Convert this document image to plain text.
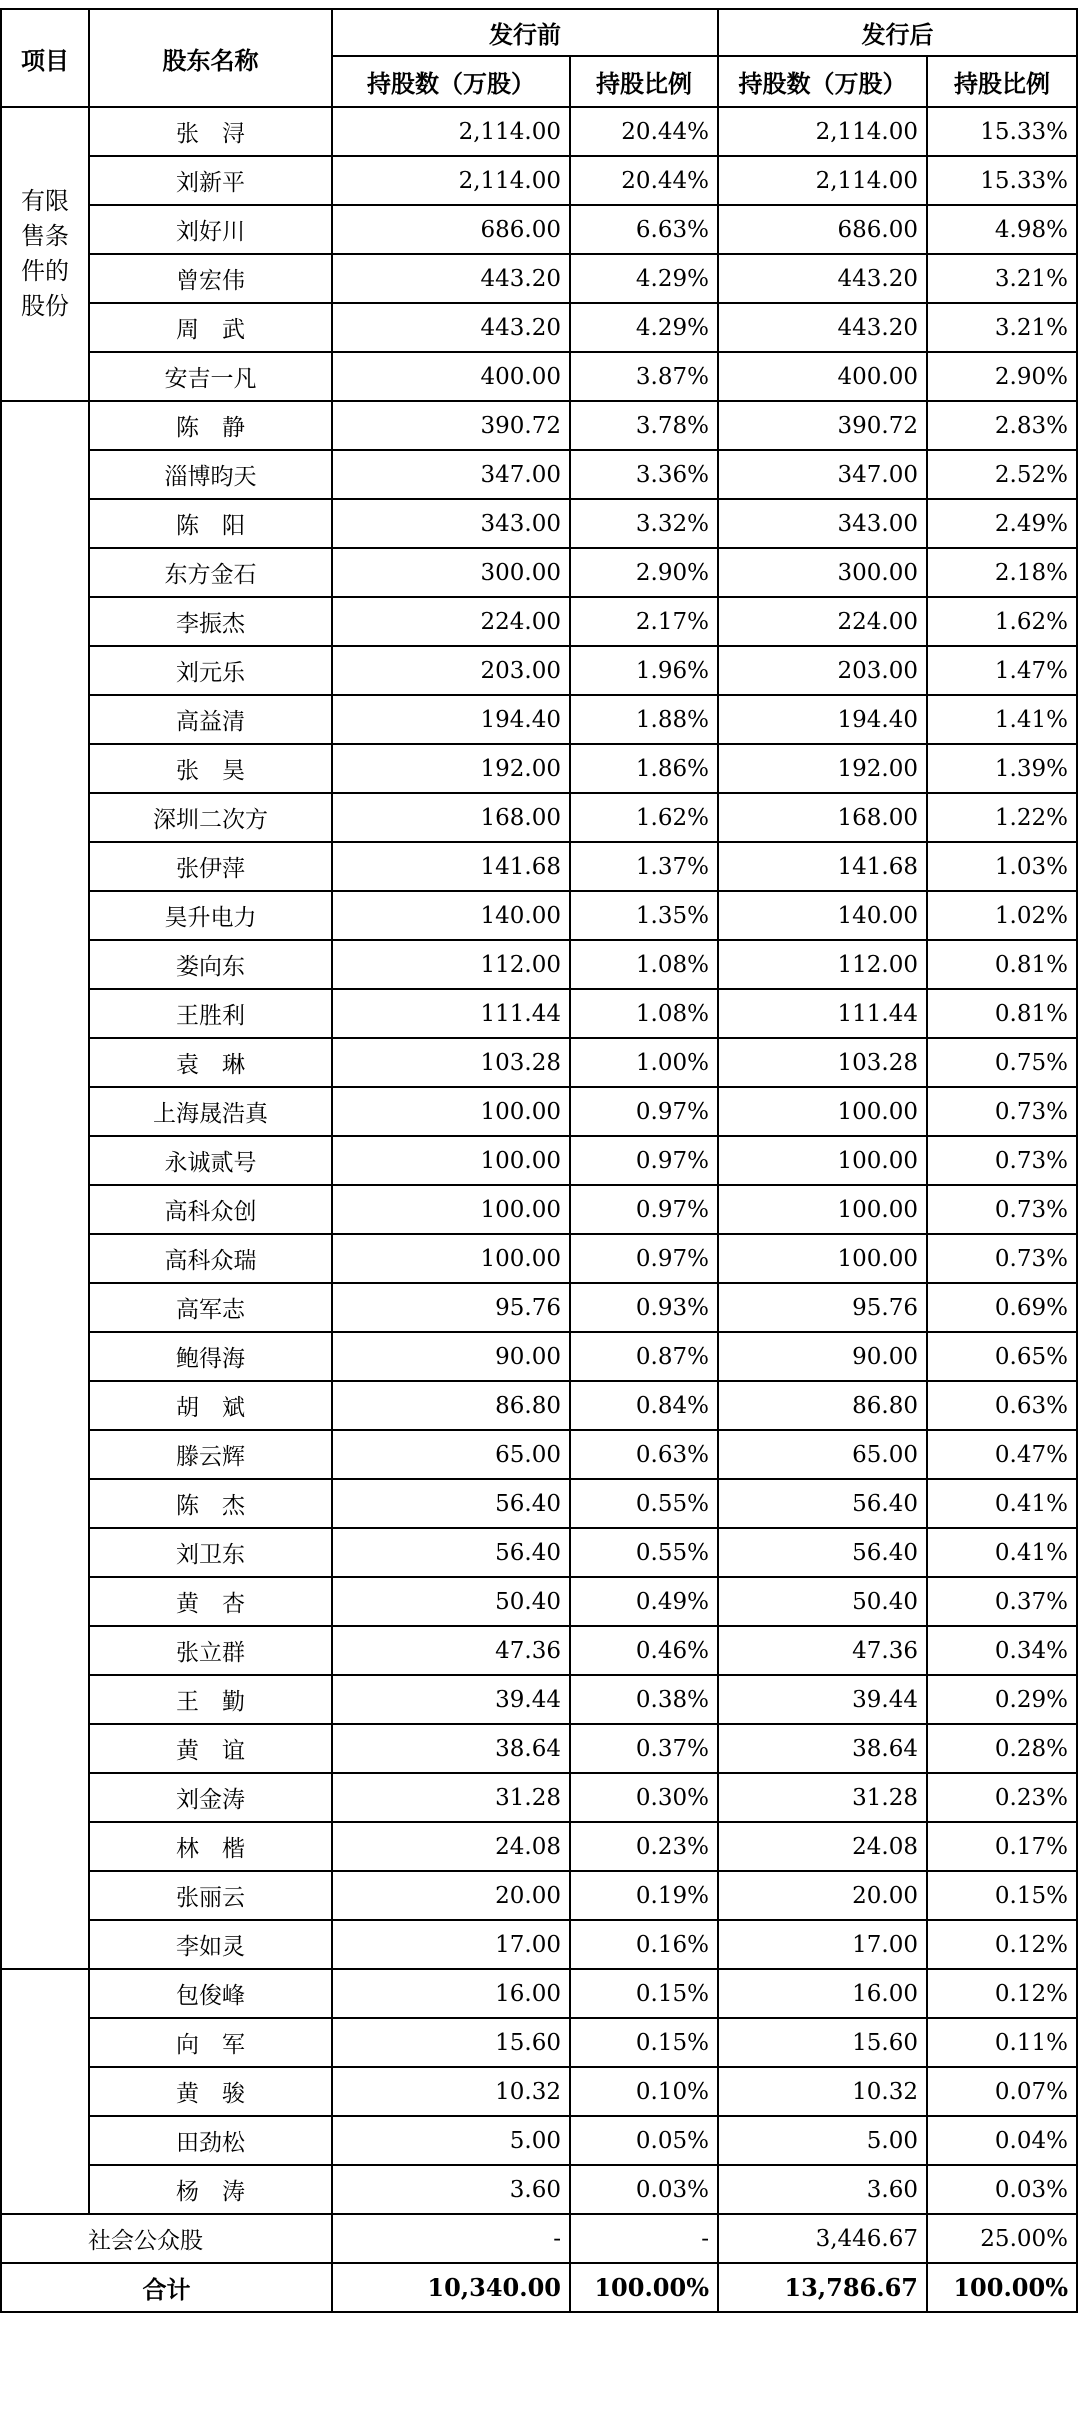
项目	股东名称	发行前		发行后	
		持股数（万股）	持股比例	持股数（万股）	持股比例
有限售条件的股份	张　浔	2,114.00	20.44%	2,114.00	15.33%
	刘新平	2,114.00	20.44%	2,114.00	15.33%
	刘好川	686.00	6.63%	686.00	4.98%
	曾宏伟	443.20	4.29%	443.20	3.21%
	周　武	443.20	4.29%	443.20	3.21%
	安吉一凡	400.00	3.87%	400.00	2.90%
	陈　静	390.72	3.78%	390.72	2.83%
	淄博昀天	347.00	3.36%	347.00	2.52%
	陈　阳	343.00	3.32%	343.00	2.49%
	东方金石	300.00	2.90%	300.00	2.18%
	李振杰	224.00	2.17%	224.00	1.62%
	刘元乐	203.00	1.96%	203.00	1.47%
	高益清	194.40	1.88%	194.40	1.41%
	张　昊	192.00	1.86%	192.00	1.39%
	深圳二次方	168.00	1.62%	168.00	1.22%
	张伊萍	141.68	1.37%	141.68	1.03%
	昊升电力	140.00	1.35%	140.00	1.02%
	娄向东	112.00	1.08%	112.00	0.81%
	王胜利	111.44	1.08%	111.44	0.81%
	袁　琳	103.28	1.00%	103.28	0.75%
	上海晟浩真	100.00	0.97%	100.00	0.73%
	永诚贰号	100.00	0.97%	100.00	0.73%
	高科众创	100.00	0.97%	100.00	0.73%
	高科众瑞	100.00	0.97%	100.00	0.73%
	高军志	95.76	0.93%	95.76	0.69%
	鲍得海	90.00	0.87%	90.00	0.65%
	胡　斌	86.80	0.84%	86.80	0.63%
	滕云辉	65.00	0.63%	65.00	0.47%
	陈　杰	56.40	0.55%	56.40	0.41%
	刘卫东	56.40	0.55%	56.40	0.41%
	黄　杏	50.40	0.49%	50.40	0.37%
	张立群	47.36	0.46%	47.36	0.34%
	王　勤	39.44	0.38%	39.44	0.29%
	黄　谊	38.64	0.37%	38.64	0.28%
	刘金涛	31.28	0.30%	31.28	0.23%
	林　楷	24.08	0.23%	24.08	0.17%
	张丽云	20.00	0.19%	20.00	0.15%
	李如灵	17.00	0.16%	17.00	0.12%
	包俊峰	16.00	0.15%	16.00	0.12%
	向　军	15.60	0.15%	15.60	0.11%
	黄　骏	10.32	0.10%	10.32	0.07%
	田劲松	5.00	0.05%	5.00	0.04%
	杨　涛	3.60	0.03%	3.60	0.03%
社会公众股		-	-	3,446.67	25.00%
合计		10,340.00	100.00%	13,786.67	100.00%
